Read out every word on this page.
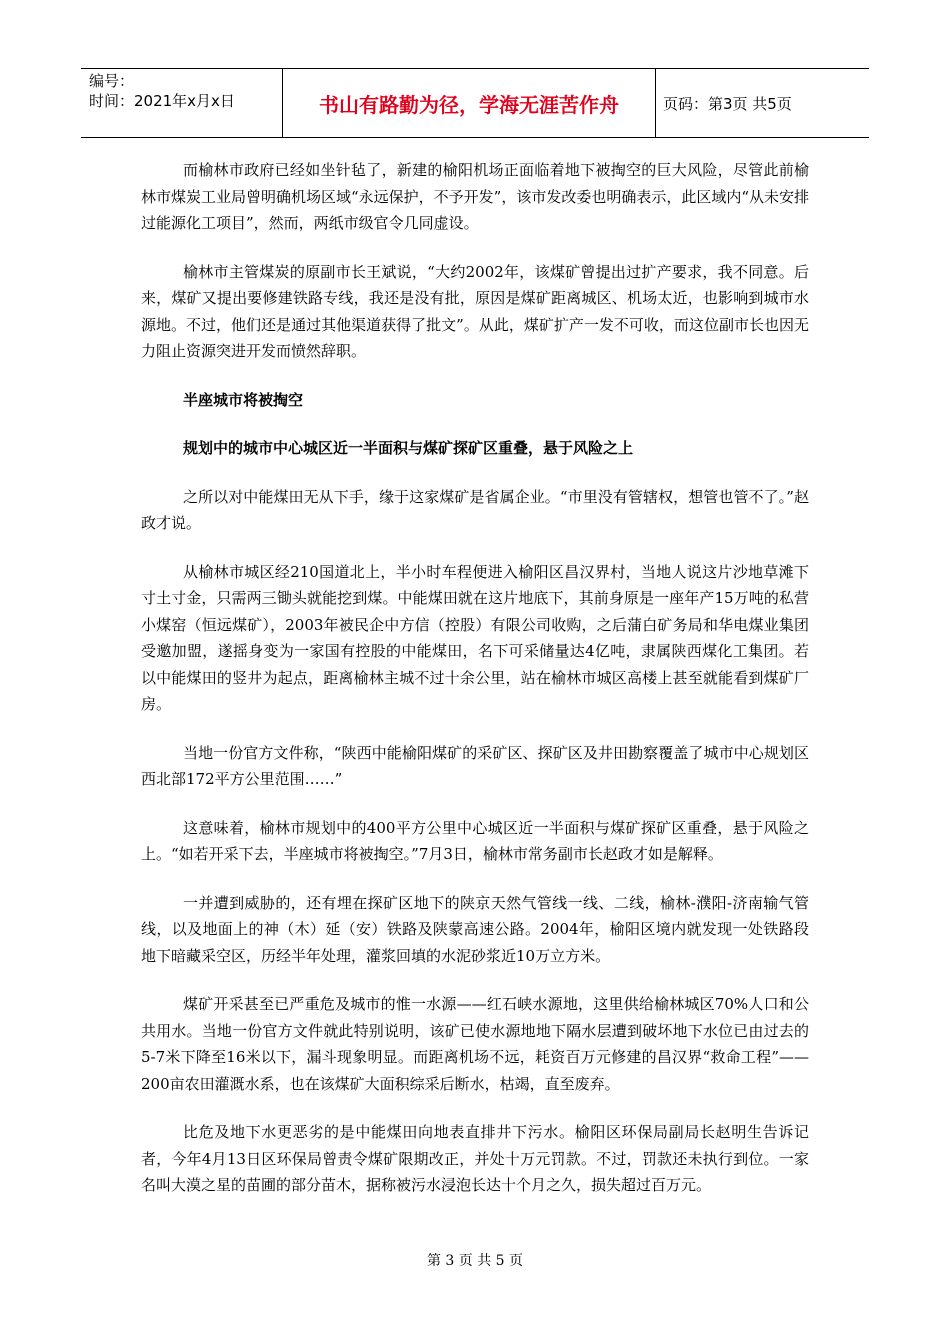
编号：
时间：2021年x月x日	书山有路勤为径，学海无涯苦作舟	页码：第3页 共5页

而榆林市政府已经如坐针毡了，新建的榆阳机场正面临着地下被掏空的巨大风险，尽管此前榆林市煤炭工业局曾明确机场区域“永远保护，不予开发”，该市发改委也明确表示，此区域内“从未安排过能源化工项目”，然而，两纸市级官令几同虚设。

榆林市主管煤炭的原副市长王斌说，“大约2002年，该煤矿曾提出过扩产要求，我不同意。后来，煤矿又提出要修建铁路专线，我还是没有批，原因是煤矿距离城区、机场太近，也影响到城市水源地。不过，他们还是通过其他渠道获得了批文”。从此，煤矿扩产一发不可收，而这位副市长也因无力阻止资源突进开发而愤然辞职。

半座城市将被掏空

规划中的城市中心城区近一半面积与煤矿探矿区重叠，悬于风险之上

之所以对中能煤田无从下手，缘于这家煤矿是省属企业。“市里没有管辖权，想管也管不了。”赵政才说。

从榆林市城区经210国道北上，半小时车程便进入榆阳区昌汉界村，当地人说这片沙地草滩下寸土寸金，只需两三锄头就能挖到煤。中能煤田就在这片地底下，其前身原是一座年产15万吨的私营小煤窑（恒远煤矿），2003年被民企中方信（控股）有限公司收购，之后蒲白矿务局和华电煤业集团受邀加盟，遂摇身变为一家国有控股的中能煤田，名下可采储量达4亿吨，隶属陕西煤化工集团。若以中能煤田的竖井为起点，距离榆林主城不过十余公里，站在榆林市城区高楼上甚至就能看到煤矿厂房。

当地一份官方文件称，“陕西中能榆阳煤矿的采矿区、探矿区及井田勘察覆盖了城市中心规划区西北部172平方公里范围……”

这意味着，榆林市规划中的400平方公里中心城区近一半面积与煤矿探矿区重叠，悬于风险之上。“如若开采下去，半座城市将被掏空。”7月3日，榆林市常务副市长赵政才如是解释。

一并遭到威胁的，还有埋在探矿区地下的陕京天然气管线一线、二线，榆林-濮阳-济南输气管线，以及地面上的神（木）延（安）铁路及陕蒙高速公路。2004年，榆阳区境内就发现一处铁路段地下暗藏采空区，历经半年处理，灌浆回填的水泥砂浆近10万立方米。

煤矿开采甚至已严重危及城市的惟一水源——红石峡水源地，这里供给榆林城区70%人口和公共用水。当地一份官方文件就此特别说明，该矿已使水源地地下隔水层遭到破坏地下水位已由过去的5-7米下降至16米以下，漏斗现象明显。而距离机场不远，耗资百万元修建的昌汉界“救命工程”——200亩农田灌溉水系，也在该煤矿大面积综采后断水，枯竭，直至废弃。

比危及地下水更恶劣的是中能煤田向地表直排井下污水。榆阳区环保局副局长赵明生告诉记者，今年4月13日区环保局曾责令煤矿限期改正，并处十万元罚款。不过，罚款还未执行到位。一家名叫大漠之星的苗圃的部分苗木，据称被污水浸泡长达十个月之久，损失超过百万元。

第 3 页 共 5 页
